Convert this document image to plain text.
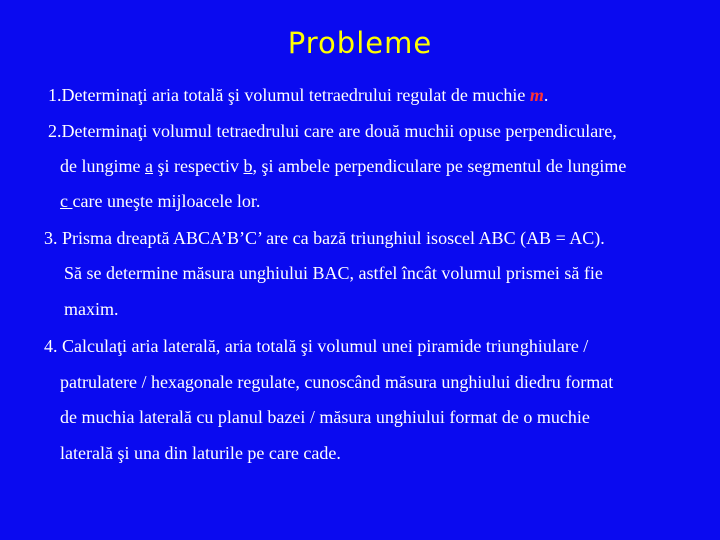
Probleme
1.Determinaţi aria totală şi volumul tetraedrului regulat de muchie m.
2.Determinaţi volumul tetraedrului care are două muchii opuse perpendiculare,
de lungime a şi respectiv b, şi ambele perpendiculare pe segmentul de lungime
c care uneşte mijloacele lor.
3. Prisma dreaptă ABCA’B’C’ are ca bază triunghiul isoscel ABC (AB = AC).
Să se determine măsura unghiului BAC, astfel încât volumul prismei să fie
maxim.
4. Calculaţi aria laterală, aria totală şi volumul unei piramide triunghiulare /
patrulatere / hexagonale regulate, cunoscând măsura unghiului diedru format
de muchia laterală cu planul bazei / măsura unghiului format de o muchie
laterală şi una din laturile pe care cade.
